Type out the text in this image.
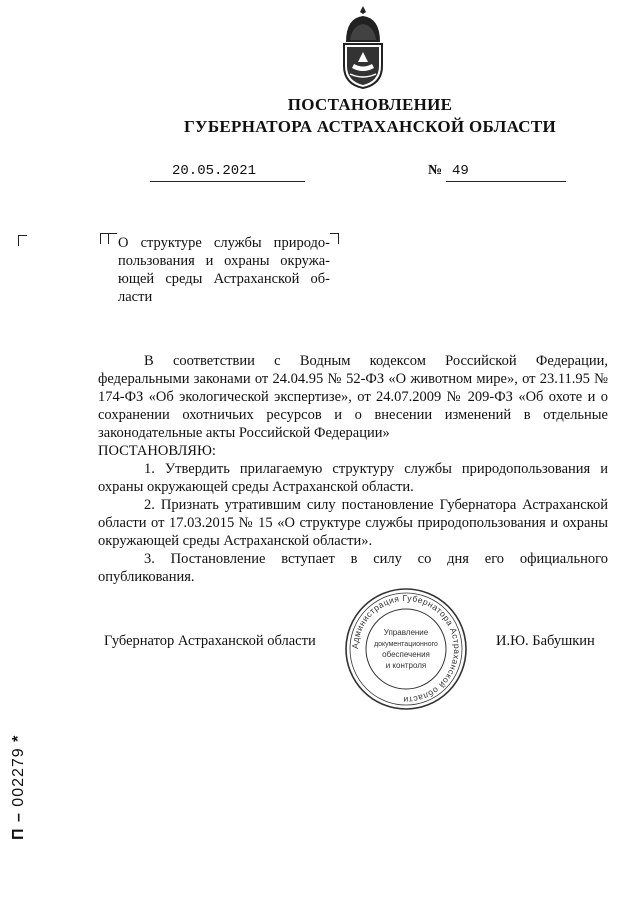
ПОСТАНОВЛЕНИЕ
ГУБЕРНАТОРА АСТРАХАНСКОЙ ОБЛАСТИ
20.05.2021	№ 49
О структуре службы природо-пользования и охраны окружа-ющей среды Астраханской об-ласти

В соответствии с Водным кодексом Российской Федерации, федеральными законами от 24.04.95 № 52-ФЗ «О животном мире», от 23.11.95 № 174-ФЗ «Об экологической экспертизе», от 24.07.2009 № 209-ФЗ «Об охоте и о сохранении охотничьих ресурсов и о внесении изменений в отдельные законодательные акты Российской Федерации»

ПОСТАНОВЛЯЮ:

1. Утвердить прилагаемую структуру службы природопользования и охраны окружающей среды Астраханской области.

2. Признать утратившим силу постановление Губернатора Астраханской области от 17.03.2015 № 15 «О структуре службы природопользования и охраны окружающей среды Астраханской области».

3. Постановление вступает в силу со дня его официального опубликования.

Губернатор Астраханской области	И.Ю. Бабушкин
Администрация Губернатора Астраханской области
Управление
документационного
обеспечения
и контроля
П – 002279 *
